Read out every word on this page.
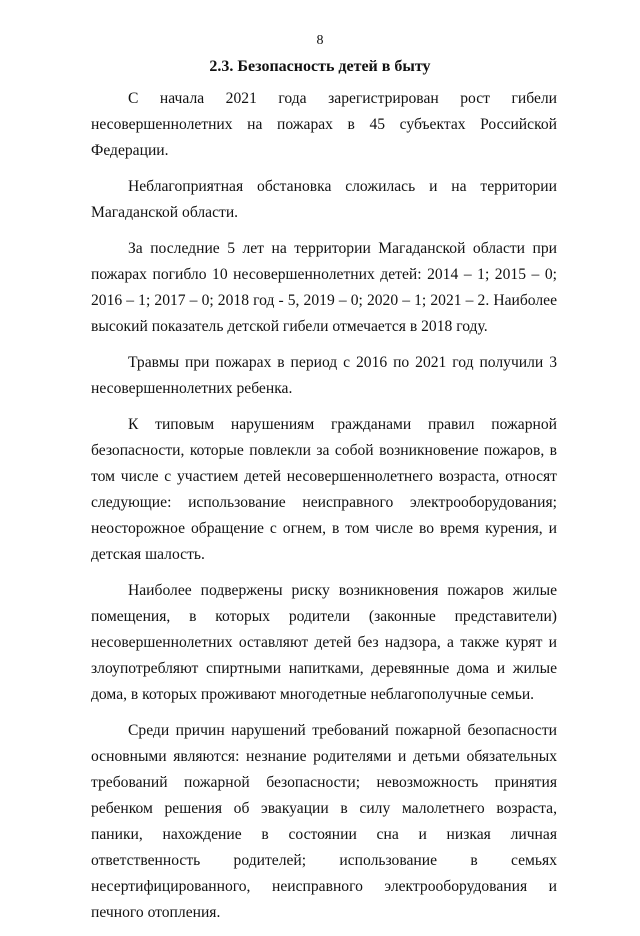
8
2.3. Безопасность детей в быту

С начала 2021 года зарегистрирован рост гибели несовершеннолетних на пожарах в 45 субъектах Российской Федерации.

Неблагоприятная обстановка сложилась и на территории Магаданской области.

За последние 5 лет на территории Магаданской области при пожарах погибло 10 несовершеннолетних детей: 2014 – 1; 2015 – 0; 2016 – 1; 2017 – 0; 2018 год - 5, 2019 – 0; 2020 – 1; 2021 – 2. Наиболее высокий показатель детской гибели отмечается в 2018 году.

Травмы при пожарах в период с 2016 по 2021 год получили 3 несовершеннолетних ребенка.

К типовым нарушениям гражданами правил пожарной безопасности, которые повлекли за собой возникновение пожаров, в том числе с участием детей несовершеннолетнего возраста, относят следующие: использование неисправного электрооборудования; неосторожное обращение с огнем, в том числе во время курения, и детская шалость.

Наиболее подвержены риску возникновения пожаров жилые помещения, в которых родители (законные представители) несовершеннолетних оставляют детей без надзора, а также курят и злоупотребляют спиртными напитками, деревянные дома и жилые дома, в которых проживают многодетные неблагополучные семьи.

Среди причин нарушений требований пожарной безопасности основными являются: незнание родителями и детьми обязательных требований пожарной безопасности; невозможность принятия ребенком решения об эвакуации в силу малолетнего возраста, паники, нахождение в состоянии сна и низкая личная ответственность родителей; использование в семьях несертифицированного, неисправного электрооборудования и печного отопления.
